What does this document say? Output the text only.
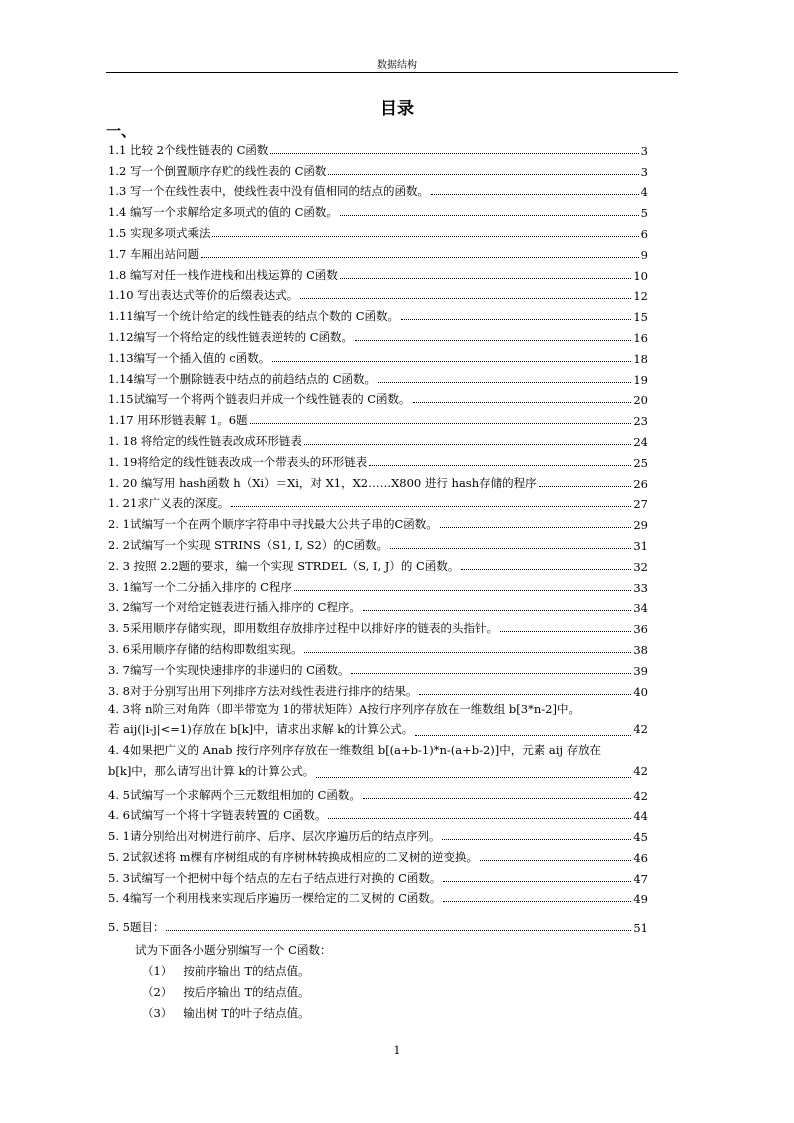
数据结构
目录
一、
1.1 比较 2个线性链表的 C函数	3
1.2 写一个倒置顺序存贮的线性表的 C函数	3
1.3 写一个在线性表中，使线性表中没有值相同的结点的函数。	4
1.4 编写一个求解给定多项式的值的 C函数。	5
1.5 实现多项式乘法	6
1.7 车厢出站问题	9
1.8 编写对任一栈作进栈和出栈运算的 C函数	10
1.10 写出表达式等价的后缀表达式。	12
1.11编写一个统计给定的线性链表的结点个数的 C函数。	15
1.12编写一个将给定的线性链表逆转的 C函数。	16
1.13编写一个插入值的 c函数。	18
1.14编写一个删除链表中结点的前趋结点的 C函数。	19
1.15试编写一个将两个链表归并成一个线性链表的 C函数。	20
1.17 用环形链表解 1。6题	23
1. 18 将给定的线性链表改成环形链表	24
1. 19将给定的线性链表改成一个带表头的环形链表	25
1. 20 编写用 hash函数 h（Xi）＝Xi，对 X1，X2……X800 进行 hash存储的程序	26
1. 21求广义表的深度。	27
2. 1试编写一个在两个顺序字符串中寻找最大公共子串的C函数。	29
2. 2试编写一个实现 STRINS（S1, I, S2）的C函数。	31
2. 3 按照 2.2题的要求，编一个实现 STRDEL（S, I, J）的 C函数。	32
3. 1编写一个二分插入排序的 C程序	33
3. 2编写一个对给定链表进行插入排序的 C程序。	34
3. 5采用顺序存储实现，即用数组存放排序过程中以排好序的链表的头指针。	36
3. 6采用顺序存储的结构即数组实现。	38
3. 7编写一个实现快速排序的非递归的 C函数。	39
3. 8对于分别写出用下列排序方法对线性表进行排序的结果。	40
4. 3将 n阶三对角阵（即半带宽为 1的带状矩阵）A按行序列序存放在一维数组 b[3*n-2]中。
若 aij(|i-j|<=1)存放在 b[k]中，请求出求解 k的计算公式。	42
4. 4如果把广义的 Anab 按行序列序存放在一维数组 b[(a+b-1)*n-(a+b-2)]中，元素 aij 存放在
b[k]中，那么请写出计算 k的计算公式。	42
4. 5试编写一个求解两个三元数组相加的 C函数。	42
4. 6试编写一个将十字链表转置的 C函数。	44
5. 1请分别给出对树进行前序、后序、层次序遍历后的结点序列。	45
5. 2试叙述将 m棵有序树组成的有序树林转换成相应的二叉树的逆变换。	46
5. 3试编写一个把树中每个结点的左右子结点进行对换的 C函数。	47
5. 4编写一个利用栈来实现后序遍历一棵给定的二叉树的 C函数。	49
5. 5题目：	51
试为下面各小题分别编写一个 C函数：
（1）   按前序输出 T的结点值。
（2）   按后序输出 T的结点值。
（3）   输出树 T的叶子结点值。
1
